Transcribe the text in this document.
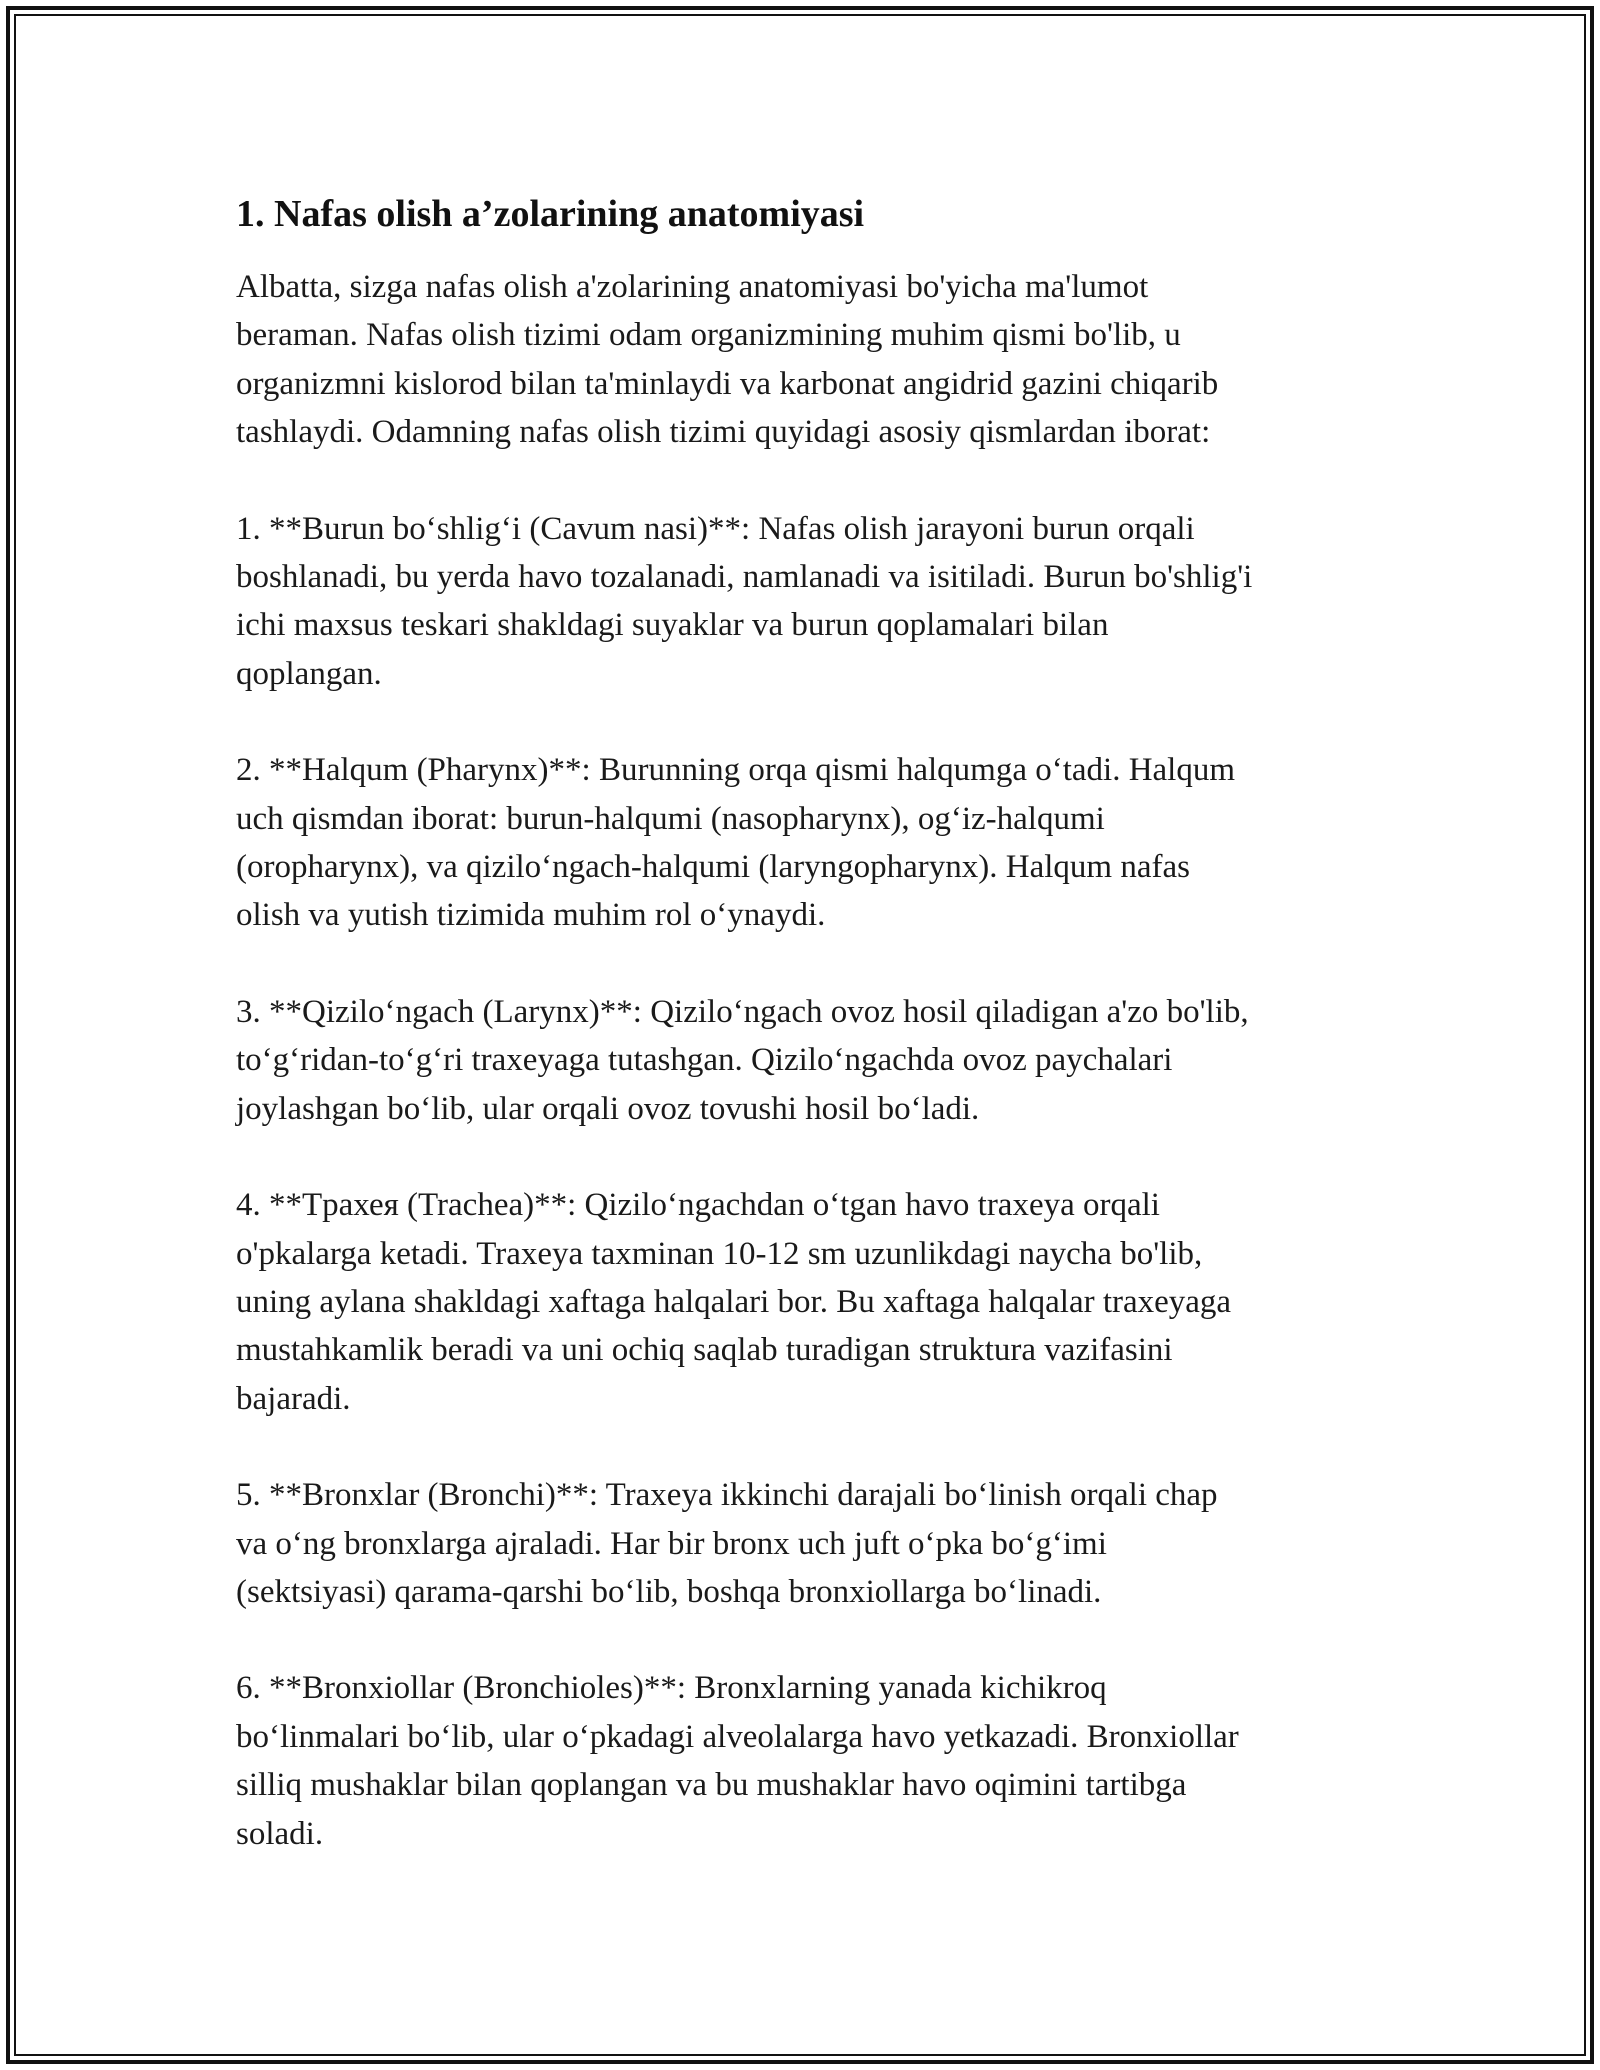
1. Nafas olish a’zolarining anatomiyasi

Albatta, sizga nafas olish a'zolarining anatomiyasi bo'yicha ma'lumot
beraman. Nafas olish tizimi odam organizmining muhim qismi bo'lib, u
organizmni kislorod bilan ta'minlaydi va karbonat angidrid gazini chiqarib
tashlaydi. Odamning nafas olish tizimi quyidagi asosiy qismlardan iborat:

1. **Burun boʻshligʻi (Cavum nasi)**: Nafas olish jarayoni burun orqali
boshlanadi, bu yerda havo tozalanadi, namlanadi va isitiladi. Burun bo'shlig'i
ichi maxsus teskari shakldagi suyaklar va burun qoplamalari bilan
qoplangan.

2. **Halqum (Pharynx)**: Burunning orqa qismi halqumga oʻtadi. Halqum
uch qismdan iborat: burun-halqumi (nasopharynx), ogʻiz-halqumi
(oropharynx), va qiziloʻngach-halqumi (laryngopharynx). Halqum nafas
olish va yutish tizimida muhim rol oʻynaydi.

3. **Qiziloʻngach (Larynx)**: Qiziloʻngach ovoz hosil qiladigan a'zo bo'lib,
toʻgʻridan-toʻgʻri traxeyaga tutashgan. Qiziloʻngachda ovoz paychalari
joylashgan boʻlib, ular orqali ovoz tovushi hosil boʻladi.

4. **Tрахея (Trachea)**: Qiziloʻngachdan oʻtgan havo traxeya orqali
o'pkalarga ketadi. Traxeya taxminan 10-12 sm uzunlikdagi naycha bo'lib,
uning aylana shakldagi xaftaga halqalari bor. Bu xaftaga halqalar traxeyaga
mustahkamlik beradi va uni ochiq saqlab turadigan struktura vazifasini
bajaradi.

5. **Bronxlar (Bronchi)**: Traxeya ikkinchi darajali boʻlinish orqali chap
va oʻng bronxlarga ajraladi. Har bir bronx uch juft oʻpka boʻgʻimi
(sektsiyasi) qarama-qarshi boʻlib, boshqa bronxiollarga boʻlinadi.

6. **Bronxiollar (Bronchioles)**: Bronxlarning yanada kichikroq
boʻlinmalari boʻlib, ular oʻpkadagi alveolalarga havo yetkazadi. Bronxiollar
silliq mushaklar bilan qoplangan va bu mushaklar havo oqimini tartibga
soladi.
